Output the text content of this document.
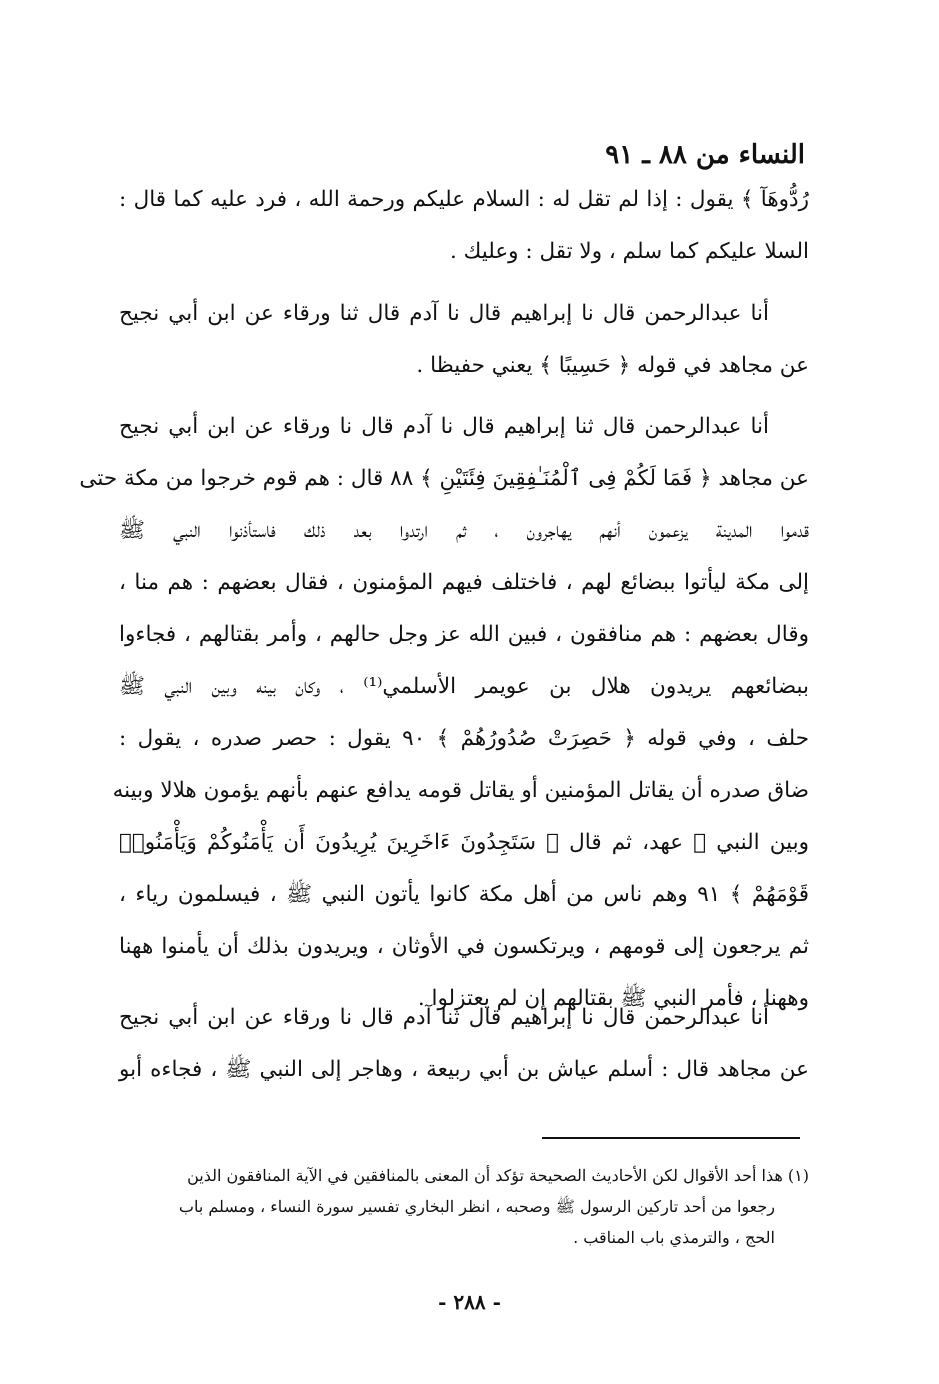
النساء من ٨٨ ـ ٩١
رُدُّوهَآ ﴾ يقول : إذا لم تقل له : السلام عليكم ورحمة الله ، فرد عليه كما قال :
السلا عليكم كما سلم ، ولا تقل : وعليك .
أنا عبدالرحمن قال نا إبراهيم قال نا آدم قال ثنا ورقاء عن ابن أبي نجيح
عن مجاهد في قوله ﴿ حَسِيبًا ﴾ يعني حفيظا .
أنا عبدالرحمن قال ثنا إبراهيم قال نا آدم قال نا ورقاء عن ابن أبي نجيح
عن مجاهد ﴿ فَمَا لَكُمْ فِى ٱلْمُنَـٰفِقِينَ فِئَتَيْنِ ﴾ ٨٨ قال : هم قوم خرجوا من مكة حتى
قدموا المدينة يزعمون أنهم يهاجرون ، ثم ارتدوا بعد ذلك فاستأذنوا النبي ﷺ
إلى مكة ليأتوا ببضائع لهم ، فاختلف فيهم المؤمنون ، فقال بعضهم : هم منا ،
وقال بعضهم : هم منافقون ، فبين الله عز وجل حالهم ، وأمر بقتالهم ، فجاءوا
ببضائعهم يريدون هلال بن عويمر الأسلمي⁽¹⁾ ، وكان بينه وبين النبي ﷺ
حلف ، وفي قوله ﴿ حَصِرَتْ صُدُورُهُمْ ﴾ ٩٠ يقول : حصر صدره ، يقول :
ضاق صدره أن يقاتل المؤمنين أو يقاتل قومه يدافع عنهم بأنهم يؤمون هلالا وبينه
وبين النبي ﷺ عهد، ثم قال ﴿ سَتَجِدُونَ ءَاخَرِينَ يُرِيدُونَ أَن يَأْمَنُوكُمْ وَيَأْمَنُوا۟
قَوْمَهُمْ ﴾ ٩١ وهم ناس من أهل مكة كانوا يأتون النبي ﷺ ، فيسلمون رياء ،
ثم يرجعون إلى قومهم ، ويرتكسون في الأوثان ، ويريدون بذلك أن يأمنوا ههنا
وههنا ، فأمر النبي ﷺ بقتالهم إن لم يعتزلوا .
أنا عبدالرحمن قال نا إبراهيم قال ثنا آدم قال نا ورقاء عن ابن أبي نجيح
عن مجاهد قال : أسلم عياش بن أبي ربيعة ، وهاجر إلى النبي ﷺ ، فجاءه أبو
(١) هذا أحد الأقوال لكن الأحاديث الصحيحة تؤكد أن المعنى بالمنافقين في الآية المنافقون الذين
رجعوا من أحد تاركين الرسول ﷺ وصحبه ، انظر البخاري تفسير سورة النساء ، ومسلم باب
الحج ، والترمذي باب المناقب .
- ٢٨٨ -
